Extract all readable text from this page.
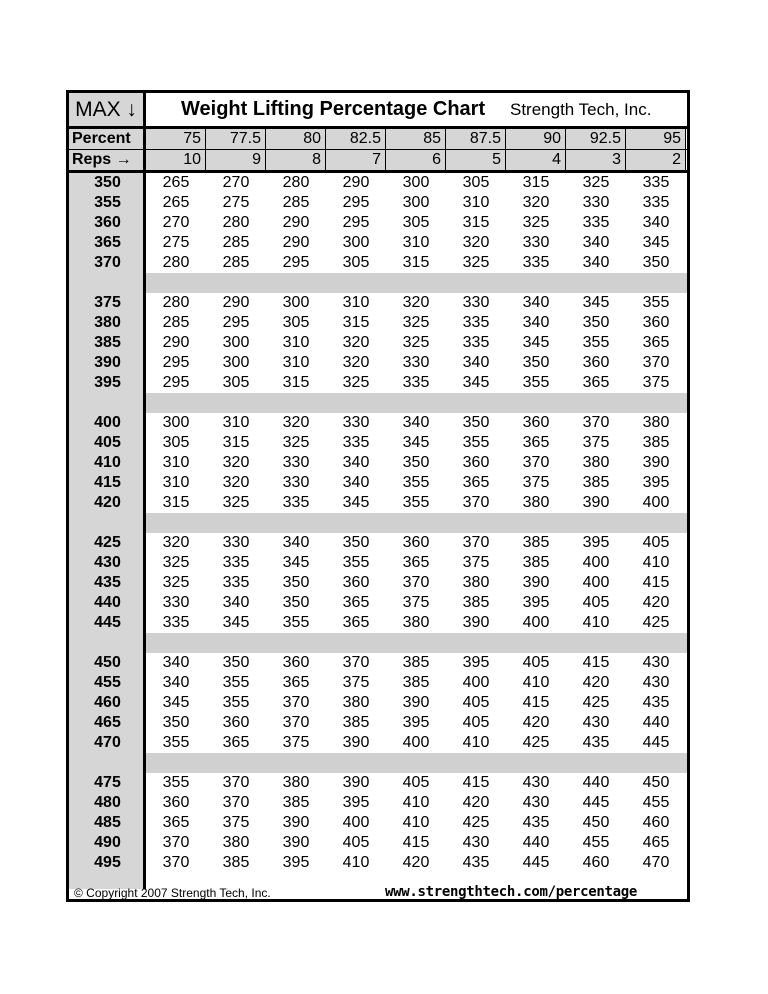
MAX ↓	Weight Lifting Percentage Chart Strength Tech, Inc.
Percent	75	77.5	80	82.5	85	87.5	90	92.5	95
Reps →	10	9	8	7	6	5	4	3	2
350	265	270	280	290	300	305	315	325	335
355	265	275	285	295	300	310	320	330	335
360	270	280	290	295	305	315	325	335	340
365	275	285	290	300	310	320	330	340	345
370	280	285	295	305	315	325	335	340	350
375	280	290	300	310	320	330	340	345	355
380	285	295	305	315	325	335	340	350	360
385	290	300	310	320	325	335	345	355	365
390	295	300	310	320	330	340	350	360	370
395	295	305	315	325	335	345	355	365	375
400	300	310	320	330	340	350	360	370	380
405	305	315	325	335	345	355	365	375	385
410	310	320	330	340	350	360	370	380	390
415	310	320	330	340	355	365	375	385	395
420	315	325	335	345	355	370	380	390	400
425	320	330	340	350	360	370	385	395	405
430	325	335	345	355	365	375	385	400	410
435	325	335	350	360	370	380	390	400	415
440	330	340	350	365	375	385	395	405	420
445	335	345	355	365	380	390	400	410	425
450	340	350	360	370	385	395	405	415	430
455	340	355	365	375	385	400	410	420	430
460	345	355	370	380	390	405	415	425	435
465	350	360	370	385	395	405	420	430	440
470	355	365	375	390	400	410	425	435	445
475	355	370	380	390	405	415	430	440	450
480	360	370	385	395	410	420	430	445	455
485	365	375	390	400	410	425	435	450	460
490	370	380	390	405	415	430	440	455	465
495	370	385	395	410	420	435	445	460	470
© Copyright 2007 Strength Tech, Inc.	www.strengthtech.com/percentage
